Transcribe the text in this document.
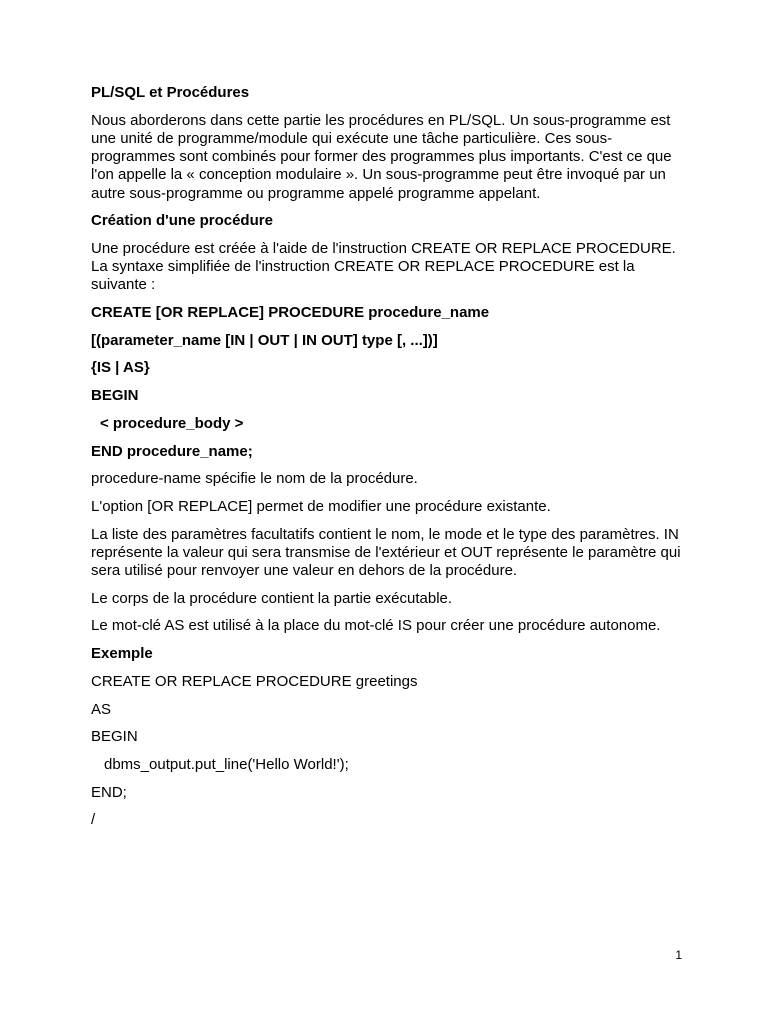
PL/SQL et Procédures

Nous aborderons dans cette partie les procédures en PL/SQL. Un sous-programme est une unité de programme/module qui exécute une tâche particulière. Ces sous-programmes sont combinés pour former des programmes plus importants. C'est ce que l'on appelle la « conception modulaire ». Un sous-programme peut être invoqué par un autre sous-programme ou programme appelé programme appelant.

Création d'une procédure

Une procédure est créée à l'aide de l'instruction CREATE OR REPLACE PROCEDURE. La syntaxe simplifiée de l'instruction CREATE OR REPLACE PROCEDURE est la suivante :

CREATE [OR REPLACE] PROCEDURE procedure_name

[(parameter_name [IN | OUT | IN OUT] type [, ...])]

{IS | AS}

BEGIN

< procedure_body >

END procedure_name;

procedure-name spécifie le nom de la procédure.

L'option [OR REPLACE] permet de modifier une procédure existante.

La liste des paramètres facultatifs contient le nom, le mode et le type des paramètres. IN représente la valeur qui sera transmise de l'extérieur et OUT représente le paramètre qui sera utilisé pour renvoyer une valeur en dehors de la procédure.

Le corps de la procédure contient la partie exécutable.

Le mot-clé AS est utilisé à la place du mot-clé IS pour créer une procédure autonome.

Exemple

CREATE OR REPLACE PROCEDURE greetings

AS

BEGIN

dbms_output.put_line('Hello World!');

END;

/

1
